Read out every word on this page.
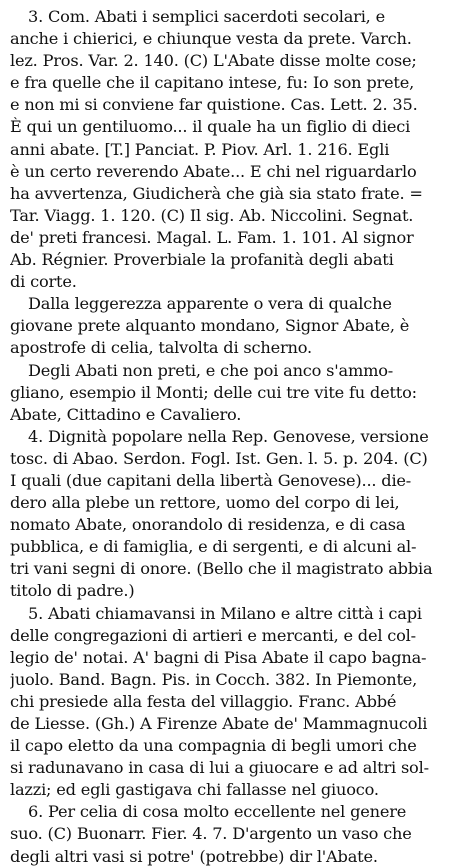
3. Com. Abati i semplici sacerdoti secolari, e
anche i chierici, e chiunque vesta da prete. Varch.
lez. Pros. Var. 2. 140. (C) L'Abate disse molte cose;
e fra quelle che il capitano intese, fu: Io son prete,
e non mi si conviene far quistione. Cas. Lett. 2. 35.
È qui un gentiluomo... il quale ha un figlio di dieci
anni abate. [T.] Panciat. P. Piov. Arl. 1. 216. Egli
è un certo reverendo Abate... E chi nel riguardarlo
ha avvertenza, Giudicherà che già sia stato frate. =
Tar. Viagg. 1. 120. (C) Il sig. Ab. Niccolini. Segnat.
de' preti francesi. Magal. L. Fam. 1. 101. Al signor
Ab. Régnier. Proverbiale la profanità degli abati
di corte.
Dalla leggerezza apparente o vera di qualche
giovane prete alquanto mondano, Signor Abate, è
apostrofe di celia, talvolta di scherno.
Degli Abati non preti, e che poi anco s'ammo-
gliano, esempio il Monti; delle cui tre vite fu detto:
Abate, Cittadino e Cavaliero.
4. Dignità popolare nella Rep. Genovese, versione
tosc. di Abao. Serdon. Fogl. Ist. Gen. l. 5. p. 204. (C)
I quali (due capitani della libertà Genovese)... die-
dero alla plebe un rettore, uomo del corpo di lei,
nomato Abate, onorandolo di residenza, e di casa
pubblica, e di famiglia, e di sergenti, e di alcuni al-
tri vani segni di onore. (Bello che il magistrato abbia
titolo di padre.)
5. Abati chiamavansi in Milano e altre città i capi
delle congregazioni di artieri e mercanti, e del col-
legio de' notai. A' bagni di Pisa Abate il capo bagna-
juolo. Band. Bagn. Pis. in Cocch. 382. In Piemonte,
chi presiede alla festa del villaggio. Franc. Abbé
de Liesse. (Gh.) A Firenze Abate de' Mammagnucoli
il capo eletto da una compagnia di begli umori che
si radunavano in casa di lui a giuocare e ad altri sol-
lazzi; ed egli gastigava chi fallasse nel giuoco.
6. Per celia di cosa molto eccellente nel genere
suo. (C) Buonarr. Fier. 4. 7. D'argento un vaso che
degli altri vasi si potre' (potrebbe) dir l'Abate.
